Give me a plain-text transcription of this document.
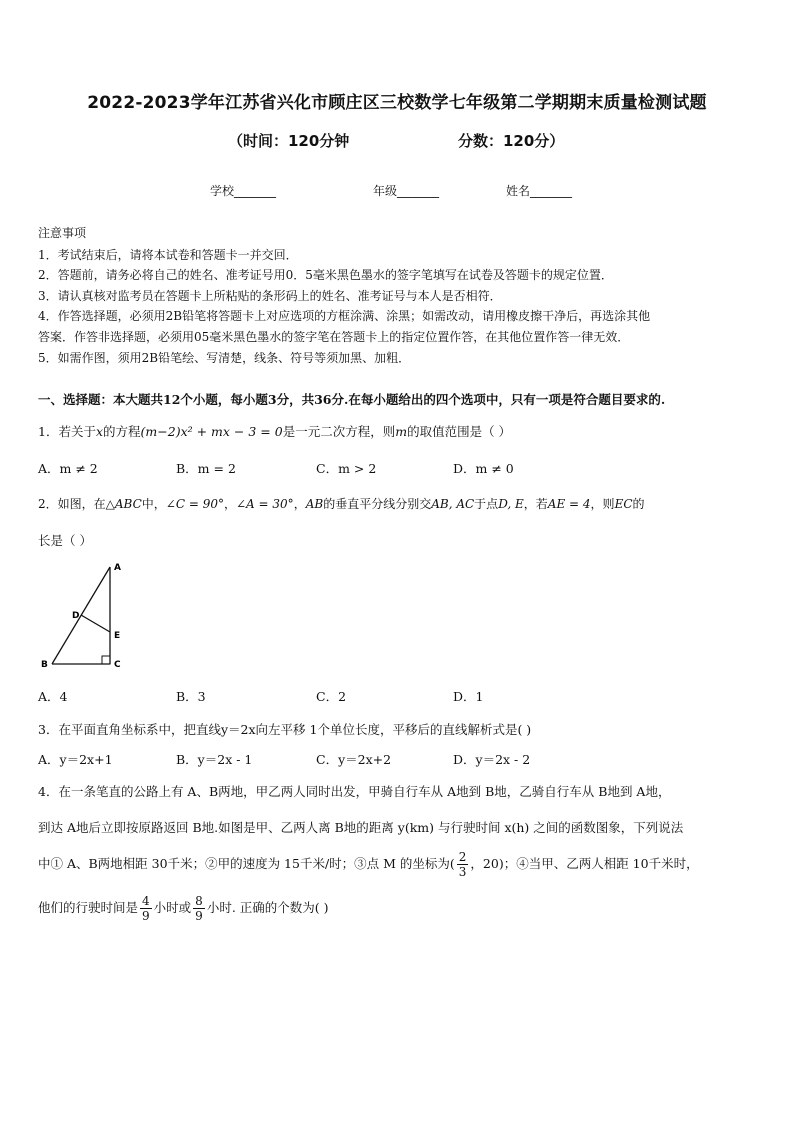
2022-2023学年江苏省兴化市顾庄区三校数学七年级第二学期期末质量检测试题
（时间：120分钟	分数：120分）
学校_______	年级_______	姓名_______
注意事项
1．考试结束后，请将本试卷和答题卡一并交回．
2．答题前，请务必将自己的姓名、准考证号用0．5毫米黑色墨水的签字笔填写在试卷及答题卡的规定位置．
3．请认真核对监考员在答题卡上所粘贴的条形码上的姓名、准考证号与本人是否相符．
4．作答选择题，必须用2B铅笔将答题卡上对应选项的方框涂满、涂黑；如需改动，请用橡皮擦干净后，再选涂其他
答案．作答非选择题，必须用05毫米黑色墨水的签字笔在答题卡上的指定位置作答，在其他位置作答一律无效．
5．如需作图，须用2B铅笔绘、写清楚，线条、符号等须加黑、加粗．
一、选择题：本大题共12个小题，每小题3分，共36分.在每小题给出的四个选项中，只有一项是符合题目要求的.
1．若关于x的方程(m−2)x² + mx − 3 = 0是一元二次方程，则m的取值范围是（ ）
A．m ≠ 2	B．m = 2	C．m > 2	D．m ≠ 0
2．如图，在△ABC中，∠C = 90°，∠A = 30°，AB的垂直平分线分别交AB, AC于点D, E，若AE = 4，则EC的
长是（ ）
A
D
E
B	C
A．4	B．3	C．2	D．1
3．在平面直角坐标系中，把直线y＝2x向左平移 1个单位长度，平移后的直线解析式是( )
A．y＝2x+1	B．y＝2x - 1	C．y＝2x+2	D．y＝2x - 2
4．在一条笔直的公路上有 A、B两地，甲乙两人同时出发，甲骑自行车从 A地到 B地，乙骑自行车从 B地到 A地，
到达 A地后立即按原路返回 B地.如图是甲、乙两人离 B地的距离 y(km) 与行驶时间 x(h) 之间的函数图象，下列说法
中① A、B两地相距 30千米；②甲的速度为 15千米/时；③点 M 的坐标为( $\frac{2}{3}$ ，20)；④当甲、乙两人相距 10千米时，
他们的行驶时间是 $\frac{4}{9}$ 小时或 $\frac{8}{9}$ 小时. 正确的个数为( )
